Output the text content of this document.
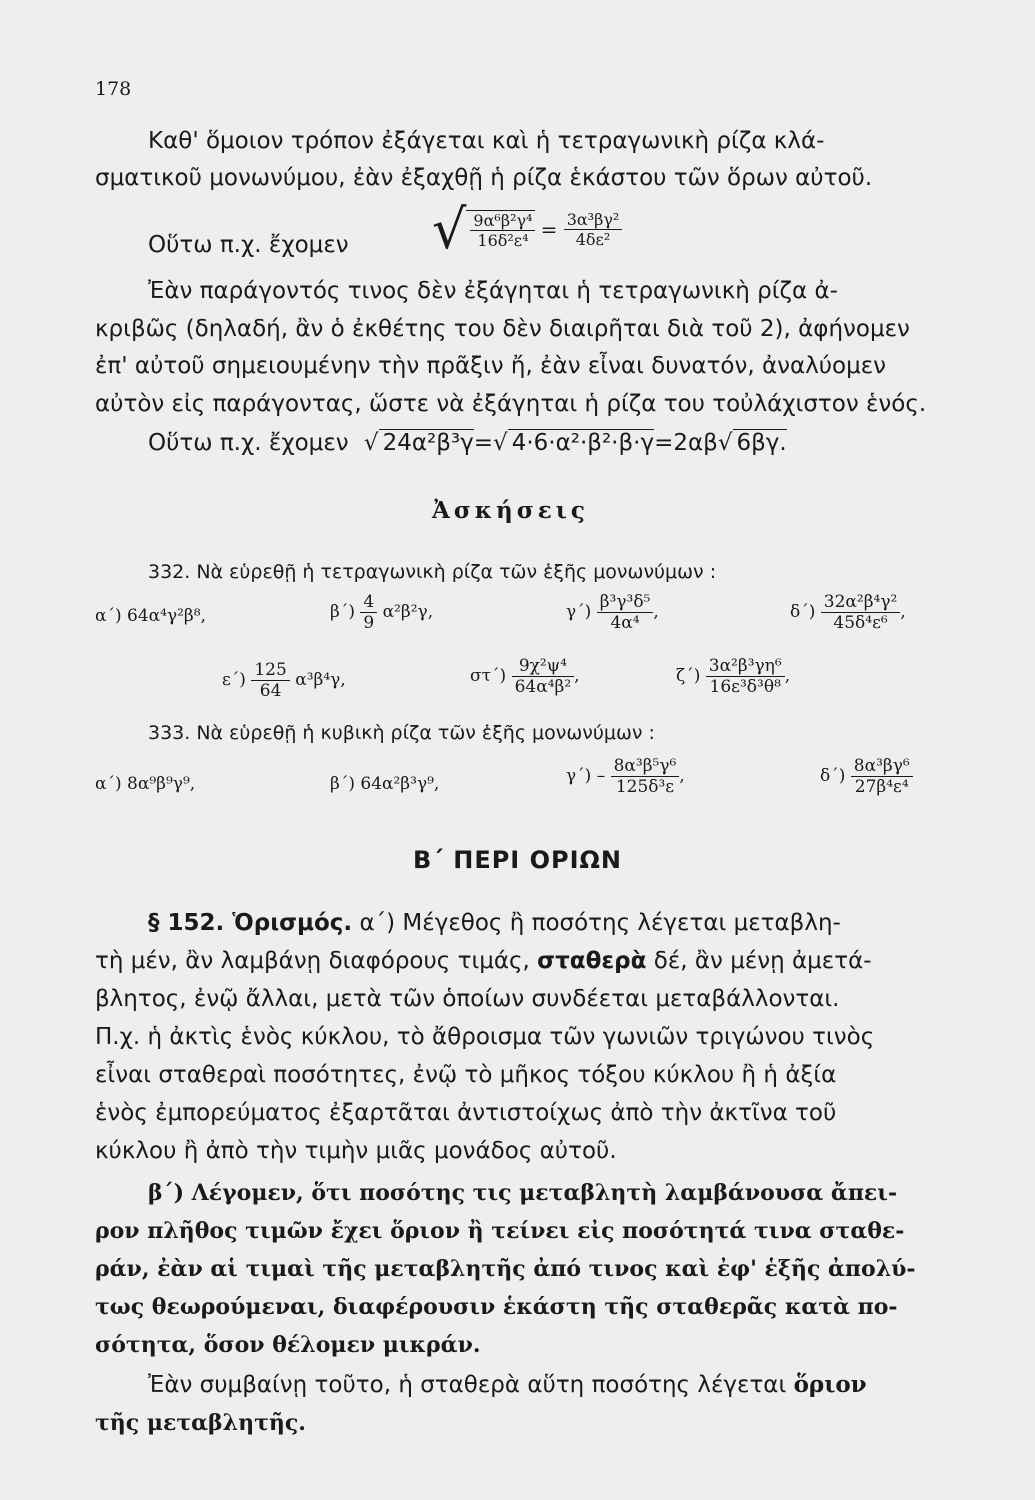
178
Καθ' ὅμοιον τρόπον ἐξάγεται καὶ ἡ τετραγωνικὴ ρίζα κλά-
σματικοῦ μονωνύμου, ἐὰν ἐξαχθῇ ἡ ρίζα ἑκάστου τῶν ὅρων αὐτοῦ.
Οὕτω π.χ. ἔχομεν √ $\frac{\text{9α⁶β²γ⁴}}{\text{16δ²ε⁴}} = \frac{\text{3α³βγ²}}{\text{4δε²}}$
Ἐὰν παράγοντός τινος δὲν ἐξάγηται ἡ τετραγωνικὴ ρίζα ἀ-
κριβῶς (δηλαδή, ἂν ὁ ἐκθέτης του δὲν διαιρῆται διὰ τοῦ 2), ἀφήνομεν
ἐπ' αὐτοῦ σημειουμένην τὴν πρᾶξιν ἤ, ἐὰν εἶναι δυνατόν, ἀναλύομεν
αὐτὸν εἰς παράγοντας, ὥστε νὰ ἐξάγηται ἡ ρίζα του τοὐλάχιστον ἑνός.
Οὕτω π.χ. ἔχομεν √ 24α²β³γ=√ 4·6·α²·β²·β·γ=2αβ√ 6βγ.
Ἀσκήσεις
332. Νὰ εὑρεθῇ ἡ τετραγωνικὴ ρίζα τῶν ἑξῆς μονωνύμων :
α΄) 64α⁴γ²β⁸,	$\beta΄) \frac{4}{9} \alpha^2\beta^2\gamma$,	$\gamma΄) \frac{\text{β³γ³δ⁵}}{\text{4α⁴}}$ ,	$\delta΄) \frac{\text{32α²β⁴γ²}}{\text{45δ⁴ε⁶}}$ ,
$\varepsilon΄) \frac{125}{64} \alpha^3\beta^4\gamma$,	$\sigma\tau΄) \frac{\text{9χ²ψ⁴}}{\text{64α⁴β²}}$ ,	$\zeta΄) \frac{\text{3α²β³γη⁶}}{\text{16ε³δ³θ⁸}}$ ,
333. Νὰ εὑρεθῇ ἡ κυβικὴ ρίζα τῶν ἑξῆς μονωνύμων :
α΄) 8α⁹β⁹γ⁹,	β΄) 64α²β³γ⁹,	$\gamma΄) - \frac{\text{8α³β⁵γ⁶}}{\text{125δ³ε}}$ ,	$\delta΄) \frac{\text{8α³βγ⁶}}{\text{27β⁴ε⁴}}$
Β΄ ΠΕΡΙ ΟΡΙΩΝ
§ 152. Ὁρισμός. α΄) Μέγεθος ἢ ποσότης λέγεται μεταβλη-
τὴ μέν, ἂν λαμβάνῃ διαφόρους τιμάς, σταθερὰ δέ, ἂν μένῃ ἀμετά-
βλητος, ἐνῷ ἄλλαι, μετὰ τῶν ὁποίων συνδέεται μεταβάλλονται.
Π.χ. ἡ ἀκτὶς ἑνὸς κύκλου, τὸ ἄθροισμα τῶν γωνιῶν τριγώνου τινὸς
εἶναι σταθεραὶ ποσότητες, ἐνῷ τὸ μῆκος τόξου κύκλου ἢ ἡ ἀξία
ἑνὸς ἐμπορεύματος ἐξαρτᾶται ἀντιστοίχως ἀπὸ τὴν ἀκτῖνα τοῦ
κύκλου ἢ ἀπὸ τὴν τιμὴν μιᾶς μονάδος αὐτοῦ.
β΄) Λέγομεν, ὅτι ποσότης τις μεταβλητὴ λαμβάνουσα ἄπει-
ρον πλῆθος τιμῶν ἔχει ὅριον ἢ τείνει εἰς ποσότητά τινα σταθε-
ράν, ἐὰν αἱ τιμαὶ τῆς μεταβλητῆς ἀπό τινος καὶ ἐφ' ἑξῆς ἀπολύ-
τως θεωρούμεναι, διαφέρουσιν ἑκάστη τῆς σταθερᾶς κατὰ πο-
σότητα, ὅσον θέλομεν μικράν.
Ἐὰν συμβαίνῃ τοῦτο, ἡ σταθερὰ αὕτη ποσότης λέγεται ὅριον
τῆς μεταβλητῆς.
